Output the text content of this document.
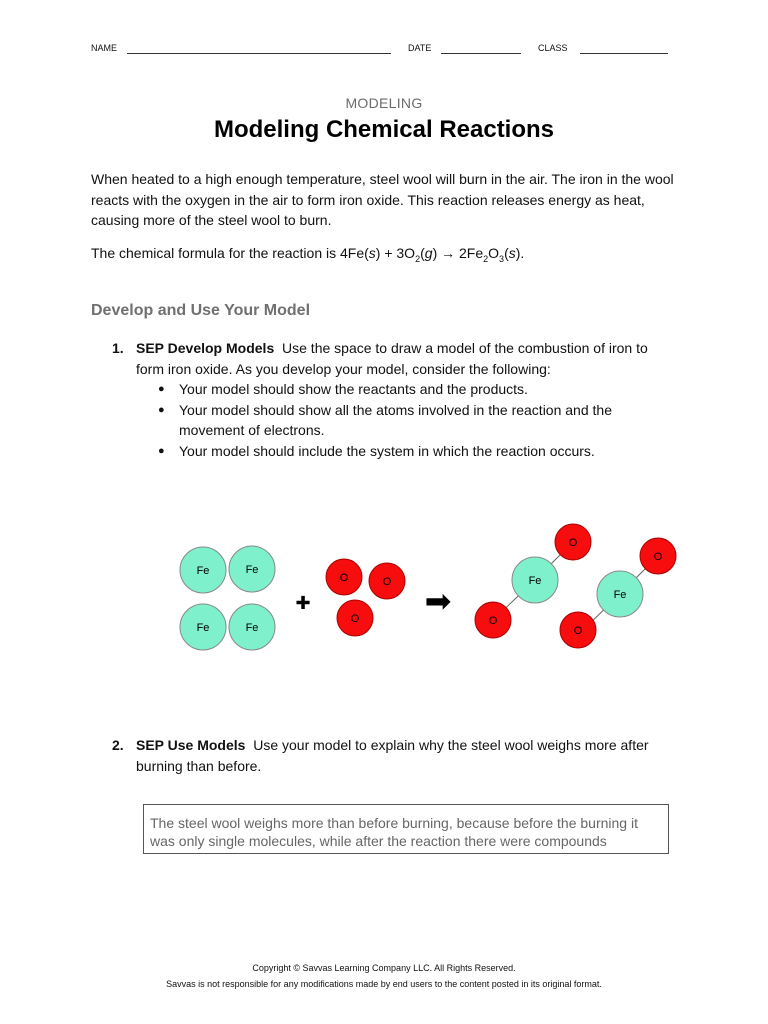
NAME	DATE	CLASS
MODELING
Modeling Chemical Reactions
When heated to a high enough temperature, steel wool will burn in the air. The iron in the wool reacts with the oxygen in the air to form iron oxide. This reaction releases energy as heat, causing more of the steel wool to burn.
The chemical formula for the reaction is $4Fe(s) + 3O_2(g) \to 2Fe_2O_3(s)$.
Develop and Use Your Model
1. SEP Develop Models Use the space to draw a model of the combustion of iron to form iron oxide. As you develop your model, consider the following:
● Your model should show the reactants and the products.
● Your model should show all the atoms involved in the reaction and the movement of electrons.
● Your model should include the system in which the reaction occurs.
Fe	Fe
Fe	Fe
✚
O	O
O ➡
O
Fe
O
O
Fe
O
2. SEP Use Models Use your model to explain why the steel wool weighs more after burning than before.
The steel wool weighs more than before burning, because before the burning it was only single molecules, while after the reaction there were compounds
Copyright © Savvas Learning Company LLC. All Rights Reserved.
Savvas is not responsible for any modifications made by end users to the content posted in its original format.
